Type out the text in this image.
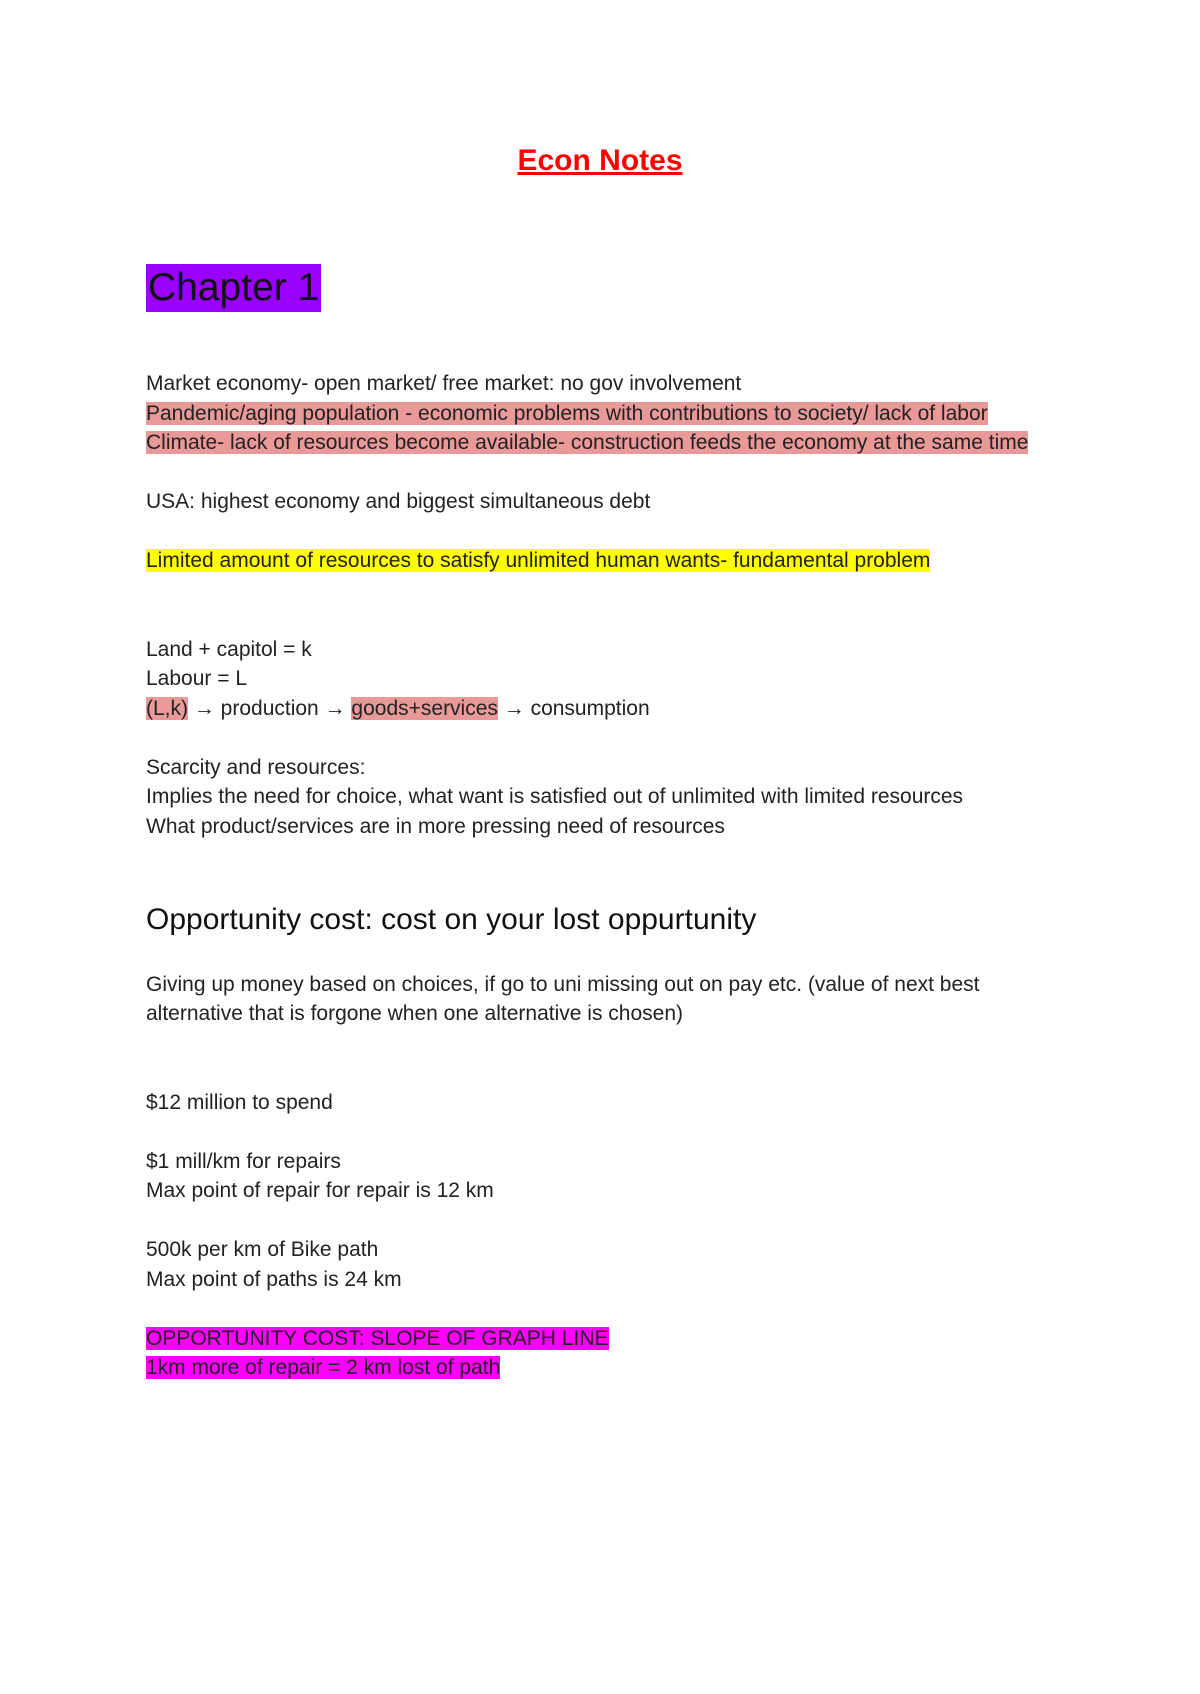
Econ Notes
Chapter 1

Market economy- open market/ free market: no gov involvement

Pandemic/aging population - economic problems with contributions to society/ lack of labor

Climate- lack of resources become available- construction feeds the economy at the same time

USA: highest economy and biggest simultaneous debt

Limited amount of resources to satisfy unlimited human wants- fundamental problem

Land + capitol = k

Labour = L

(L,k) → production → goods+services → consumption

Scarcity and resources:

Implies the need for choice, what want is satisfied out of unlimited with limited resources

What product/services are in more pressing need of resources

Opportunity cost: cost on your lost oppurtunity

Giving up money based on choices, if go to uni missing out on pay etc. (value of next best alternative that is forgone when one alternative is chosen)

$12 million to spend

$1 mill/km for repairs

Max point of repair for repair is 12 km

500k per km of Bike path

Max point of paths is 24 km

OPPORTUNITY COST: SLOPE OF GRAPH LINE

1km more of repair = 2 km lost of path
